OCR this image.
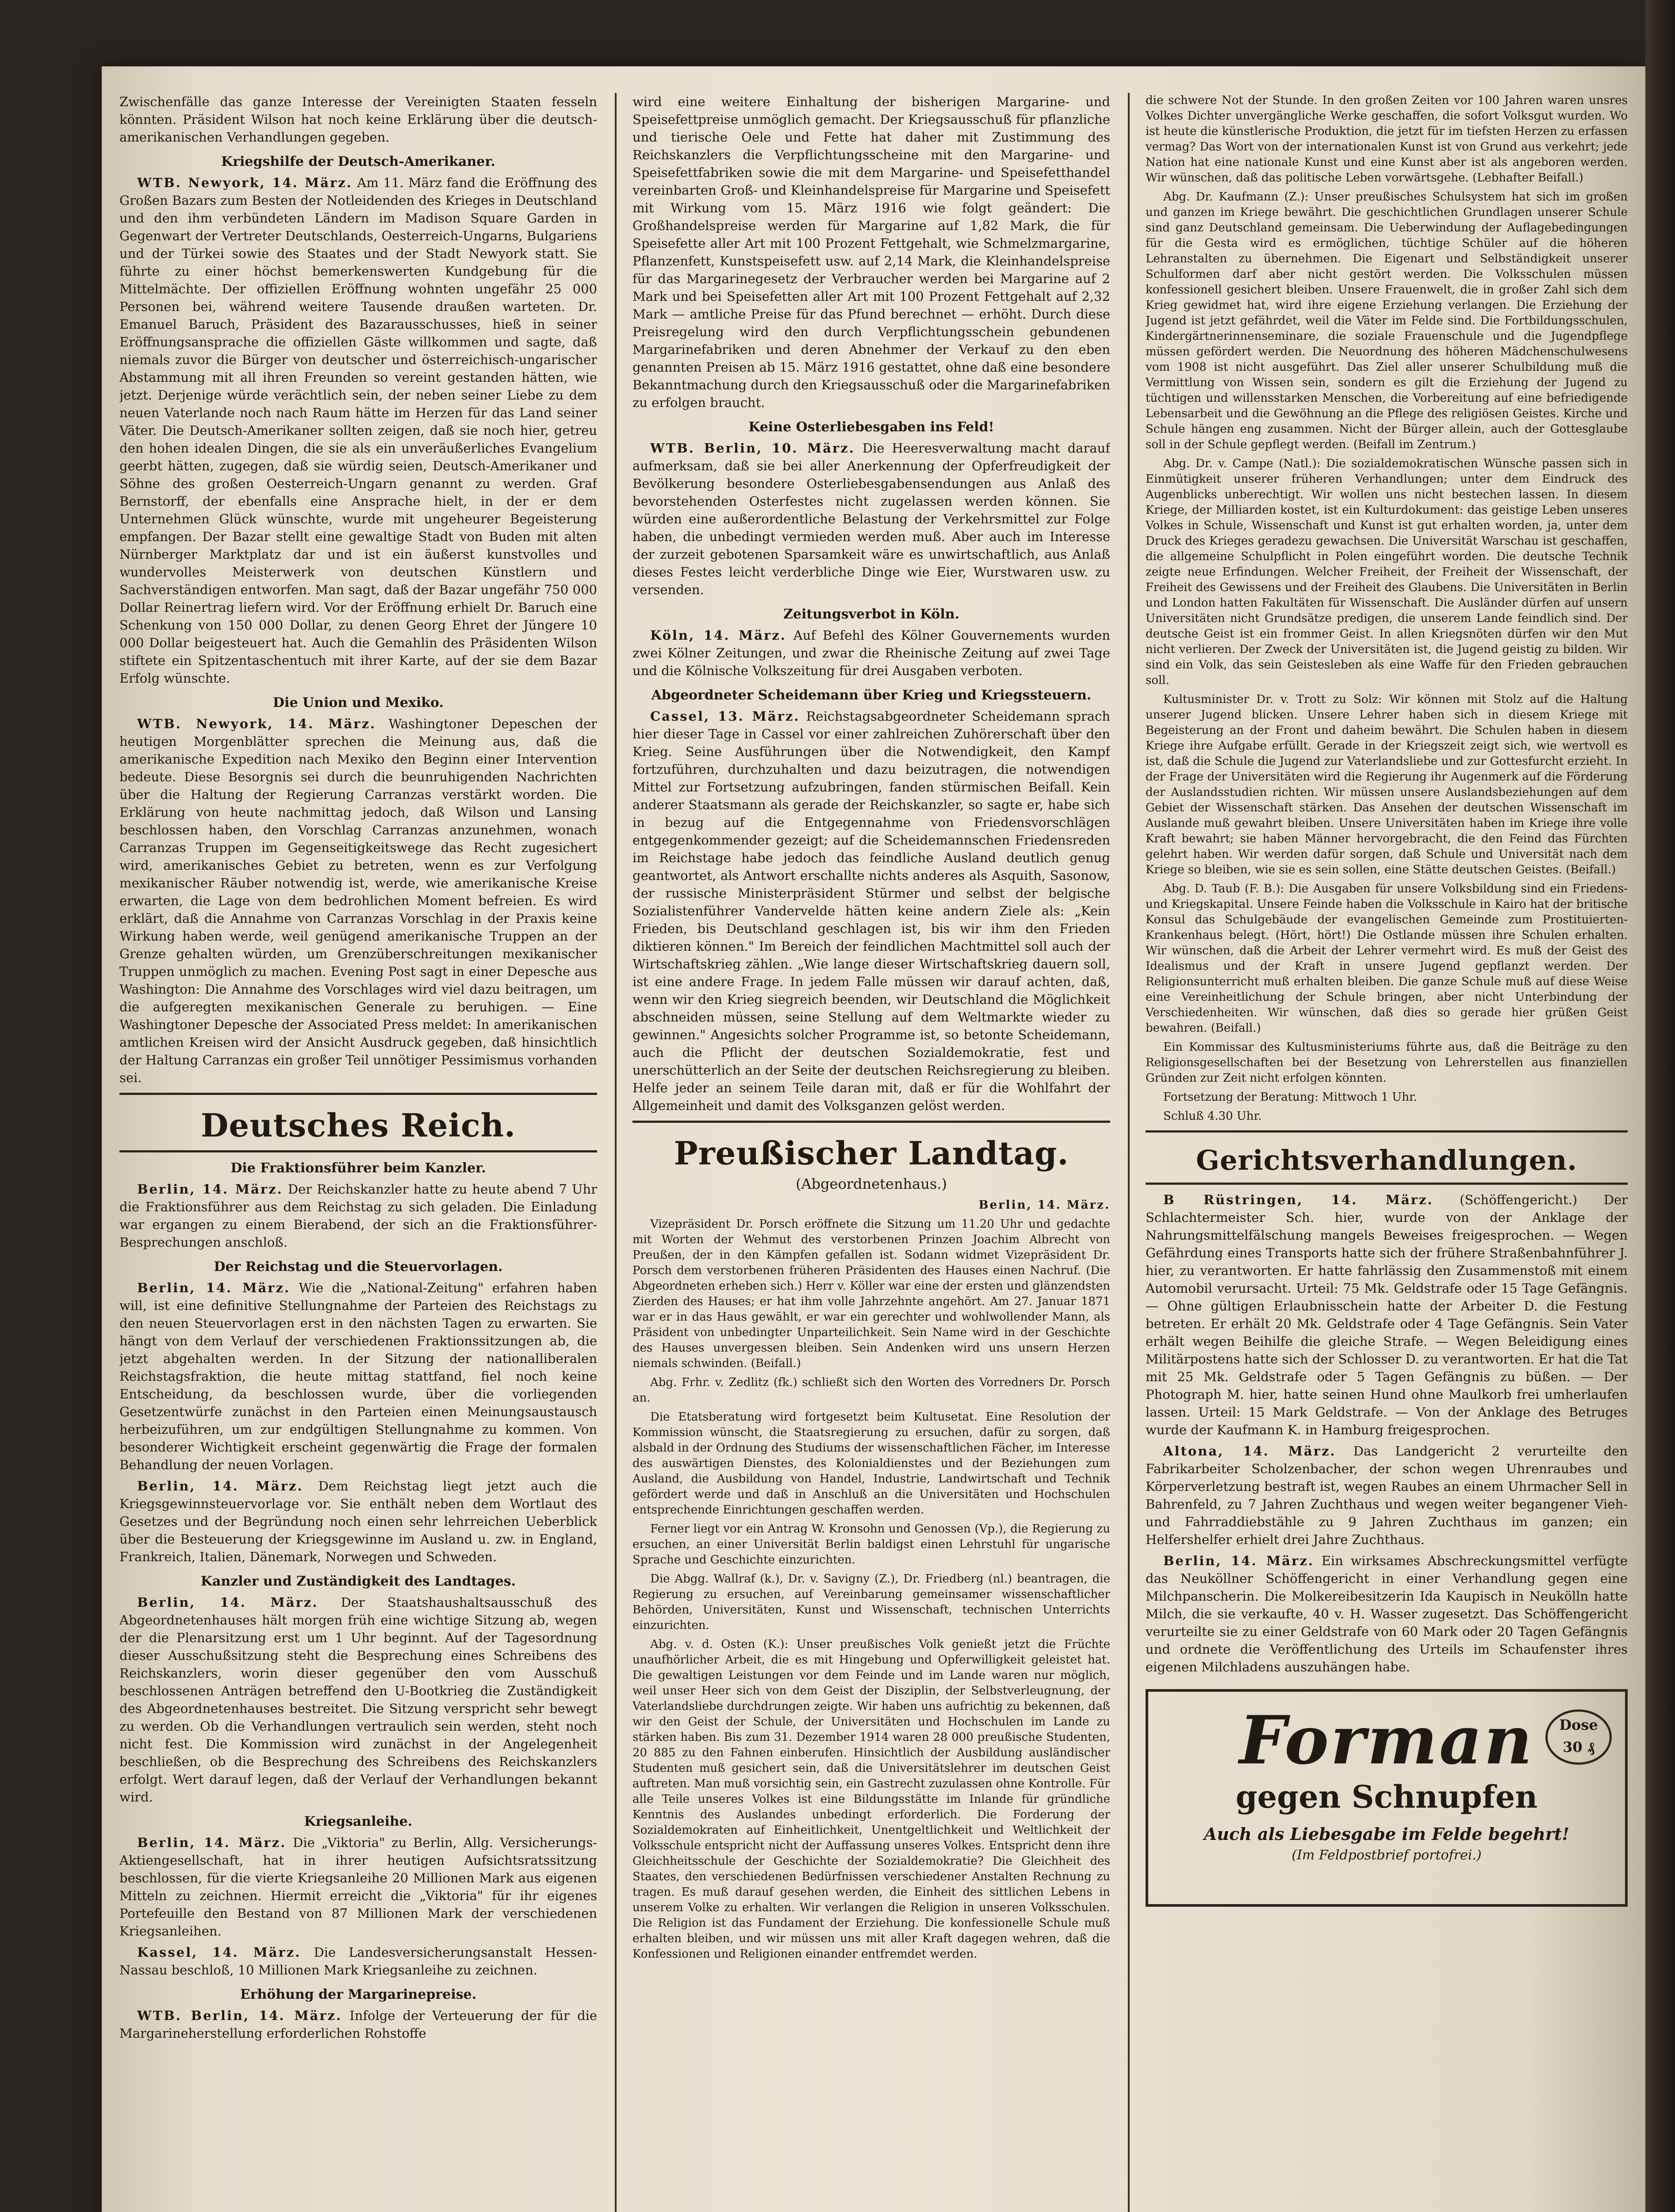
Zwischenfälle das ganze Interesse der Vereinigten Staaten fesseln könnten. Präsident Wilson hat noch keine Erklärung über die deutsch-amerikanischen Verhandlungen gegeben.

Kriegshilfe der Deutsch-Amerikaner.

WTB. Newyork, 14. März. Am 11. März fand die Eröffnung des Großen Bazars zum Besten der Notleidenden des Krieges in Deutschland und den ihm verbündeten Ländern im Madison Square Garden in Gegenwart der Vertreter Deutschlands, Oesterreich-Ungarns, Bulgariens und der Türkei sowie des Staates und der Stadt Newyork statt. Sie führte zu einer höchst bemerkenswerten Kundgebung für die Mittelmächte. Der offiziellen Eröffnung wohnten ungefähr 25 000 Personen bei, während weitere Tausende draußen warteten. Dr. Emanuel Baruch, Präsident des Bazarausschusses, hieß in seiner Eröffnungsansprache die offiziellen Gäste willkommen und sagte, daß niemals zuvor die Bürger von deutscher und österreichisch-ungarischer Abstammung mit all ihren Freunden so vereint gestanden hätten, wie jetzt. Derjenige würde verächtlich sein, der neben seiner Liebe zu dem neuen Vaterlande noch nach Raum hätte im Herzen für das Land seiner Väter. Die Deutsch-Amerikaner sollten zeigen, daß sie noch hier, getreu den hohen idealen Dingen, die sie als ein unveräußerliches Evangelium geerbt hätten, zugegen, daß sie würdig seien, Deutsch-Amerikaner und Söhne des großen Oesterreich-Ungarn genannt zu werden. Graf Bernstorff, der ebenfalls eine Ansprache hielt, in der er dem Unternehmen Glück wünschte, wurde mit ungeheurer Begeisterung empfangen. Der Bazar stellt eine gewaltige Stadt von Buden mit alten Nürnberger Marktplatz dar und ist ein äußerst kunstvolles und wundervolles Meisterwerk von deutschen Künstlern und Sachverständigen entworfen. Man sagt, daß der Bazar ungefähr 750 000 Dollar Reinertrag liefern wird. Vor der Eröffnung erhielt Dr. Baruch eine Schenkung von 150 000 Dollar, zu denen Georg Ehret der Jüngere 10 000 Dollar beigesteuert hat. Auch die Gemahlin des Präsidenten Wilson stiftete ein Spitzentaschentuch mit ihrer Karte, auf der sie dem Bazar Erfolg wünschte.

Die Union und Mexiko.

WTB. Newyork, 14. März. Washingtoner Depeschen der heutigen Morgenblätter sprechen die Meinung aus, daß die amerikanische Expedition nach Mexiko den Beginn einer Intervention bedeute. Diese Besorgnis sei durch die beunruhigenden Nachrichten über die Haltung der Regierung Carranzas verstärkt worden. Die Erklärung von heute nachmittag jedoch, daß Wilson und Lansing beschlossen haben, den Vorschlag Carranzas anzunehmen, wonach Carranzas Truppen im Gegenseitigkeitswege das Recht zugesichert wird, amerikanisches Gebiet zu betreten, wenn es zur Verfolgung mexikanischer Räuber notwendig ist, werde, wie amerikanische Kreise erwarten, die Lage von dem bedrohlichen Moment befreien. Es wird erklärt, daß die Annahme von Carranzas Vorschlag in der Praxis keine Wirkung haben werde, weil genügend amerikanische Truppen an der Grenze gehalten würden, um Grenzüberschreitungen mexikanischer Truppen unmöglich zu machen. Evening Post sagt in einer Depesche aus Washington: Die Annahme des Vorschlages wird viel dazu beitragen, um die aufgeregten mexikanischen Generale zu beruhigen. — Eine Washingtoner Depesche der Associated Press meldet: In amerikanischen amtlichen Kreisen wird der Ansicht Ausdruck gegeben, daß hinsichtlich der Haltung Carranzas ein großer Teil unnötiger Pessimismus vorhanden sei.

Deutsches Reich.
Die Fraktionsführer beim Kanzler.

Berlin, 14. März. Der Reichskanzler hatte zu heute abend 7 Uhr die Fraktionsführer aus dem Reichstag zu sich geladen. Die Einladung war ergangen zu einem Bierabend, der sich an die Fraktionsführer-Besprechungen anschloß.

Der Reichstag und die Steuervorlagen.

Berlin, 14. März. Wie die „National-Zeitung" erfahren haben will, ist eine definitive Stellungnahme der Parteien des Reichstags zu den neuen Steuervorlagen erst in den nächsten Tagen zu erwarten. Sie hängt von dem Verlauf der verschiedenen Fraktionssitzungen ab, die jetzt abgehalten werden. In der Sitzung der nationalliberalen Reichstagsfraktion, die heute mittag stattfand, fiel noch keine Entscheidung, da beschlossen wurde, über die vorliegenden Gesetzentwürfe zunächst in den Parteien einen Meinungsaustausch herbeizuführen, um zur endgültigen Stellungnahme zu kommen. Von besonderer Wichtigkeit erscheint gegenwärtig die Frage der formalen Behandlung der neuen Vorlagen.

Berlin, 14. März. Dem Reichstag liegt jetzt auch die Kriegsgewinnsteuervorlage vor. Sie enthält neben dem Wortlaut des Gesetzes und der Begründung noch einen sehr lehrreichen Ueberblick über die Besteuerung der Kriegsgewinne im Ausland u. zw. in England, Frankreich, Italien, Dänemark, Norwegen und Schweden.

Kanzler und Zuständigkeit des Landtages.

Berlin, 14. März. Der Staatshaushaltsausschuß des Abgeordnetenhauses hält morgen früh eine wichtige Sitzung ab, wegen der die Plenarsitzung erst um 1 Uhr beginnt. Auf der Tagesordnung dieser Ausschußsitzung steht die Besprechung eines Schreibens des Reichskanzlers, worin dieser gegenüber den vom Ausschuß beschlossenen Anträgen betreffend den U-Bootkrieg die Zuständigkeit des Abgeordnetenhauses bestreitet. Die Sitzung verspricht sehr bewegt zu werden. Ob die Verhandlungen vertraulich sein werden, steht noch nicht fest. Die Kommission wird zunächst in der Angelegenheit beschließen, ob die Besprechung des Schreibens des Reichskanzlers erfolgt. Wert darauf legen, daß der Verlauf der Verhandlungen bekannt wird.

Kriegsanleihe.

Berlin, 14. März. Die „Viktoria" zu Berlin, Allg. Versicherungs-Aktiengesellschaft, hat in ihrer heutigen Aufsichtsratssitzung beschlossen, für die vierte Kriegsanleihe 20 Millionen Mark aus eigenen Mitteln zu zeichnen. Hiermit erreicht die „Viktoria" für ihr eigenes Portefeuille den Bestand von 87 Millionen Mark der verschiedenen Kriegsanleihen.

Kassel, 14. März. Die Landesversicherungsanstalt Hessen-Nassau beschloß, 10 Millionen Mark Kriegsanleihe zu zeichnen.

Erhöhung der Margarinepreise.

WTB. Berlin, 14. März. Infolge der Verteuerung der für die Margarineherstellung erforderlichen Rohstoffe

wird eine weitere Einhaltung der bisherigen Margarine- und Speisefettpreise unmöglich gemacht. Der Kriegsausschuß für pflanzliche und tierische Oele und Fette hat daher mit Zustimmung des Reichskanzlers die Verpflichtungsscheine mit den Margarine- und Speisefettfabriken sowie die mit dem Margarine- und Speisefetthandel vereinbarten Groß- und Kleinhandelspreise für Margarine und Speisefett mit Wirkung vom 15. März 1916 wie folgt geändert: Die Großhandelspreise werden für Margarine auf 1,82 Mark, die für Speisefette aller Art mit 100 Prozent Fettgehalt, wie Schmelzmargarine, Pflanzenfett, Kunstspeisefett usw. auf 2,14 Mark, die Kleinhandelspreise für das Margarinegesetz der Verbraucher werden bei Margarine auf 2 Mark und bei Speisefetten aller Art mit 100 Prozent Fettgehalt auf 2,32 Mark — amtliche Preise für das Pfund berechnet — erhöht. Durch diese Preisregelung wird den durch Verpflichtungsschein gebundenen Margarinefabriken und deren Abnehmer der Verkauf zu den eben genannten Preisen ab 15. März 1916 gestattet, ohne daß eine besondere Bekanntmachung durch den Kriegsausschuß oder die Margarinefabriken zu erfolgen braucht.

Keine Osterliebesgaben ins Feld!

WTB. Berlin, 10. März. Die Heeresverwaltung macht darauf aufmerksam, daß sie bei aller Anerkennung der Opferfreudigkeit der Bevölkerung besondere Osterliebesgabensendungen aus Anlaß des bevorstehenden Osterfestes nicht zugelassen werden können. Sie würden eine außerordentliche Belastung der Verkehrsmittel zur Folge haben, die unbedingt vermieden werden muß. Aber auch im Interesse der zurzeit gebotenen Sparsamkeit wäre es unwirtschaftlich, aus Anlaß dieses Festes leicht verderbliche Dinge wie Eier, Wurstwaren usw. zu versenden.

Zeitungsverbot in Köln.

Köln, 14. März. Auf Befehl des Kölner Gouvernements wurden zwei Kölner Zeitungen, und zwar die Rheinische Zeitung auf zwei Tage und die Kölnische Volkszeitung für drei Ausgaben verboten.

Abgeordneter Scheidemann über Krieg und Kriegssteuern.

Cassel, 13. März. Reichstagsabgeordneter Scheidemann sprach hier dieser Tage in Cassel vor einer zahlreichen Zuhörerschaft über den Krieg. Seine Ausführungen über die Notwendigkeit, den Kampf fortzuführen, durchzuhalten und dazu beizutragen, die notwendigen Mittel zur Fortsetzung aufzubringen, fanden stürmischen Beifall. Kein anderer Staatsmann als gerade der Reichskanzler, so sagte er, habe sich in bezug auf die Entgegennahme von Friedensvorschlägen entgegenkommender gezeigt; auf die Scheidemannschen Friedensreden im Reichstage habe jedoch das feindliche Ausland deutlich genug geantwortet, als Antwort erschallte nichts anderes als Asquith, Sasonow, der russische Ministerpräsident Stürmer und selbst der belgische Sozialistenführer Vandervelde hätten keine andern Ziele als: „Kein Frieden, bis Deutschland geschlagen ist, bis wir ihm den Frieden diktieren können." Im Bereich der feindlichen Machtmittel soll auch der Wirtschaftskrieg zählen. „Wie lange dieser Wirtschaftskrieg dauern soll, ist eine andere Frage. In jedem Falle müssen wir darauf achten, daß, wenn wir den Krieg siegreich beenden, wir Deutschland die Möglichkeit abschneiden müssen, seine Stellung auf dem Weltmarkte wieder zu gewinnen." Angesichts solcher Programme ist, so betonte Scheidemann, auch die Pflicht der deutschen Sozialdemokratie, fest und unerschütterlich an der Seite der deutschen Reichsregierung zu bleiben. Helfe jeder an seinem Teile daran mit, daß er für die Wohlfahrt der Allgemeinheit und damit des Volksganzen gelöst werden.

Preußischer Landtag.
(Abgeordnetenhaus.)

Berlin, 14. März.

Vizepräsident Dr. Porsch eröffnete die Sitzung um 11.20 Uhr und gedachte mit Worten der Wehmut des verstorbenen Prinzen Joachim Albrecht von Preußen, der in den Kämpfen gefallen ist. Sodann widmet Vizepräsident Dr. Porsch dem verstorbenen früheren Präsidenten des Hauses einen Nachruf. (Die Abgeordneten erheben sich.) Herr v. Köller war eine der ersten und glänzendsten Zierden des Hauses; er hat ihm volle Jahrzehnte angehört. Am 27. Januar 1871 war er in das Haus gewählt, er war ein gerechter und wohlwollender Mann, als Präsident von unbedingter Unparteilichkeit. Sein Name wird in der Geschichte des Hauses unvergessen bleiben. Sein Andenken wird uns unsern Herzen niemals schwinden. (Beifall.)

Abg. Frhr. v. Zedlitz (fk.) schließt sich den Worten des Vorredners Dr. Porsch an.

Die Etatsberatung wird fortgesetzt beim Kultusetat. Eine Resolution der Kommission wünscht, die Staatsregierung zu ersuchen, dafür zu sorgen, daß alsbald in der Ordnung des Studiums der wissenschaftlichen Fächer, im Interesse des auswärtigen Dienstes, des Kolonialdienstes und der Beziehungen zum Ausland, die Ausbildung von Handel, Industrie, Landwirtschaft und Technik gefördert werde und daß in Anschluß an die Universitäten und Hochschulen entsprechende Einrichtungen geschaffen werden.

Ferner liegt vor ein Antrag W. Kronsohn und Genossen (Vp.), die Regierung zu ersuchen, an einer Universität Berlin baldigst einen Lehrstuhl für ungarische Sprache und Geschichte einzurichten.

Die Abgg. Wallraf (k.), Dr. v. Savigny (Z.), Dr. Friedberg (nl.) beantragen, die Regierung zu ersuchen, auf Vereinbarung gemeinsamer wissenschaftlicher Behörden, Universitäten, Kunst und Wissenschaft, technischen Unterrichts einzurichten.

Abg. v. d. Osten (K.): Unser preußisches Volk genießt jetzt die Früchte unaufhörlicher Arbeit, die es mit Hingebung und Opferwilligkeit geleistet hat. Die gewaltigen Leistungen vor dem Feinde und im Lande waren nur möglich, weil unser Heer sich von dem Geist der Disziplin, der Selbstverleugnung, der Vaterlandsliebe durchdrungen zeigte. Wir haben uns aufrichtig zu bekennen, daß wir den Geist der Schule, der Universitäten und Hochschulen im Lande zu stärken haben. Bis zum 31. Dezember 1914 waren 28 000 preußische Studenten, 20 885 zu den Fahnen einberufen. Hinsichtlich der Ausbildung ausländischer Studenten muß gesichert sein, daß die Universitätslehrer im deutschen Geist auftreten. Man muß vorsichtig sein, ein Gastrecht zuzulassen ohne Kontrolle. Für alle Teile unseres Volkes ist eine Bildungsstätte im Inlande für gründliche Kenntnis des Auslandes unbedingt erforderlich. Die Forderung der Sozialdemokraten auf Einheitlichkeit, Unentgeltlichkeit und Weltlichkeit der Volksschule entspricht nicht der Auffassung unseres Volkes. Entspricht denn ihre Gleichheitsschule der Geschichte der Sozialdemokratie? Die Gleichheit des Staates, den verschiedenen Bedürfnissen verschiedener Anstalten Rechnung zu tragen. Es muß darauf gesehen werden, die Einheit des sittlichen Lebens in unserem Volke zu erhalten. Wir verlangen die Religion in unseren Volksschulen. Die Religion ist das Fundament der Erziehung. Die konfessionelle Schule muß erhalten bleiben, und wir müssen uns mit aller Kraft dagegen wehren, daß die Konfessionen und Religionen einander entfremdet werden.

die schwere Not der Stunde. In den großen Zeiten vor 100 Jahren waren unsres Volkes Dichter unvergängliche Werke geschaffen, die sofort Volksgut wurden. Wo ist heute die künstlerische Produktion, die jetzt für im tiefsten Herzen zu erfassen vermag? Das Wort von der internationalen Kunst ist von Grund aus verkehrt; jede Nation hat eine nationale Kunst und eine Kunst aber ist als angeboren werden. Wir wünschen, daß das politische Leben vorwärtsgehe. (Lebhafter Beifall.)

Abg. Dr. Kaufmann (Z.): Unser preußisches Schulsystem hat sich im großen und ganzen im Kriege bewährt. Die geschichtlichen Grundlagen unserer Schule sind ganz Deutschland gemeinsam. Die Ueberwindung der Auflagebedingungen für die Gesta wird es ermöglichen, tüchtige Schüler auf die höheren Lehranstalten zu übernehmen. Die Eigenart und Selbständigkeit unserer Schulformen darf aber nicht gestört werden. Die Volksschulen müssen konfessionell gesichert bleiben. Unsere Frauenwelt, die in großer Zahl sich dem Krieg gewidmet hat, wird ihre eigene Erziehung verlangen. Die Erziehung der Jugend ist jetzt gefährdet, weil die Väter im Felde sind. Die Fortbildungsschulen, Kindergärtnerinnenseminare, die soziale Frauenschule und die Jugendpflege müssen gefördert werden. Die Neuordnung des höheren Mädchenschulwesens vom 1908 ist nicht ausgeführt. Das Ziel aller unserer Schulbildung muß die Vermittlung von Wissen sein, sondern es gilt die Erziehung der Jugend zu tüchtigen und willensstarken Menschen, die Vorbereitung auf eine befriedigende Lebensarbeit und die Gewöhnung an die Pflege des religiösen Geistes. Kirche und Schule hängen eng zusammen. Nicht der Bürger allein, auch der Gottesglaube soll in der Schule gepflegt werden. (Beifall im Zentrum.)

Abg. Dr. v. Campe (Natl.): Die sozialdemokratischen Wünsche passen sich in Einmütigkeit unserer früheren Verhandlungen; unter dem Eindruck des Augenblicks unberechtigt. Wir wollen uns nicht bestechen lassen. In diesem Kriege, der Milliarden kostet, ist ein Kulturdokument: das geistige Leben unseres Volkes in Schule, Wissenschaft und Kunst ist gut erhalten worden, ja, unter dem Druck des Krieges geradezu gewachsen. Die Universität Warschau ist geschaffen, die allgemeine Schulpflicht in Polen eingeführt worden. Die deutsche Technik zeigte neue Erfindungen. Welcher Freiheit, der Freiheit der Wissenschaft, der Freiheit des Gewissens und der Freiheit des Glaubens. Die Universitäten in Berlin und London hatten Fakultäten für Wissenschaft. Die Ausländer dürfen auf unsern Universitäten nicht Grundsätze predigen, die unserem Lande feindlich sind. Der deutsche Geist ist ein frommer Geist. In allen Kriegsnöten dürfen wir den Mut nicht verlieren. Der Zweck der Universitäten ist, die Jugend geistig zu bilden. Wir sind ein Volk, das sein Geistesleben als eine Waffe für den Frieden gebrauchen soll.

Kultusminister Dr. v. Trott zu Solz: Wir können mit Stolz auf die Haltung unserer Jugend blicken. Unsere Lehrer haben sich in diesem Kriege mit Begeisterung an der Front und daheim bewährt. Die Schulen haben in diesem Kriege ihre Aufgabe erfüllt. Gerade in der Kriegszeit zeigt sich, wie wertvoll es ist, daß die Schule die Jugend zur Vaterlandsliebe und zur Gottesfurcht erzieht. In der Frage der Universitäten wird die Regierung ihr Augenmerk auf die Förderung der Auslandsstudien richten. Wir müssen unsere Auslandsbeziehungen auf dem Gebiet der Wissenschaft stärken. Das Ansehen der deutschen Wissenschaft im Auslande muß gewahrt bleiben. Unsere Universitäten haben im Kriege ihre volle Kraft bewahrt; sie haben Männer hervorgebracht, die den Feind das Fürchten gelehrt haben. Wir werden dafür sorgen, daß Schule und Universität nach dem Kriege so bleiben, wie sie es sein sollen, eine Stätte deutschen Geistes. (Beifall.)

Abg. D. Taub (F. B.): Die Ausgaben für unsere Volksbildung sind ein Friedens- und Kriegskapital. Unsere Feinde haben die Volksschule in Kairo hat der britische Konsul das Schulgebäude der evangelischen Gemeinde zum Prostituierten-Krankenhaus belegt. (Hört, hört!) Die Ostlande müssen ihre Schulen erhalten. Wir wünschen, daß die Arbeit der Lehrer vermehrt wird. Es muß der Geist des Idealismus und der Kraft in unsere Jugend gepflanzt werden. Der Religionsunterricht muß erhalten bleiben. Die ganze Schule muß auf diese Weise eine Vereinheitlichung der Schule bringen, aber nicht Unterbindung der Verschiedenheiten. Wir wünschen, daß dies so gerade hier grüßen Geist bewahren. (Beifall.)

Ein Kommissar des Kultusministeriums führte aus, daß die Beiträge zu den Religionsgesellschaften bei der Besetzung von Lehrerstellen aus finanziellen Gründen zur Zeit nicht erfolgen könnten.

Fortsetzung der Beratung: Mittwoch 1 Uhr.

Schluß 4.30 Uhr.

Gerichtsverhandlungen.

B Rüstringen, 14. März. (Schöffengericht.) Der Schlachtermeister Sch. hier, wurde von der Anklage der Nahrungsmittelfälschung mangels Beweises freigesprochen. — Wegen Gefährdung eines Transports hatte sich der frühere Straßenbahnführer J. hier, zu verantworten. Er hatte fahrlässig den Zusammenstoß mit einem Automobil verursacht. Urteil: 75 Mk. Geldstrafe oder 15 Tage Gefängnis. — Ohne gültigen Erlaubnisschein hatte der Arbeiter D. die Festung betreten. Er erhält 20 Mk. Geldstrafe oder 4 Tage Gefängnis. Sein Vater erhält wegen Beihilfe die gleiche Strafe. — Wegen Beleidigung eines Militärpostens hatte sich der Schlosser D. zu verantworten. Er hat die Tat mit 25 Mk. Geldstrafe oder 5 Tagen Gefängnis zu büßen. — Der Photograph M. hier, hatte seinen Hund ohne Maulkorb frei umherlaufen lassen. Urteil: 15 Mark Geldstrafe. — Von der Anklage des Betruges wurde der Kaufmann K. in Hamburg freigesprochen.

Altona, 14. März. Das Landgericht 2 verurteilte den Fabrikarbeiter Scholzenbacher, der schon wegen Uhrenraubes und Körperverletzung bestraft ist, wegen Raubes an einem Uhrmacher Sell in Bahrenfeld, zu 7 Jahren Zuchthaus und wegen weiter begangener Vieh- und Fahrraddiebstähle zu 9 Jahren Zuchthaus im ganzen; ein Helfershelfer erhielt drei Jahre Zuchthaus.

Berlin, 14. März. Ein wirksames Abschreckungsmittel verfügte das Neuköllner Schöffengericht in einer Verhandlung gegen eine Milchpanscherin. Die Molkereibesitzerin Ida Kaupisch in Neukölln hatte Milch, die sie verkaufte, 40 v. H. Wasser zugesetzt. Das Schöffengericht verurteilte sie zu einer Geldstrafe von 60 Mark oder 20 Tagen Gefängnis und ordnete die Veröffentlichung des Urteils im Schaufenster ihres eigenen Milchladens auszuhängen habe.

Dose
30 ₰
Forman
gegen Schnupfen
Auch als Liebesgabe im Felde begehrt!
(Im Feldpostbrief portofrei.)
